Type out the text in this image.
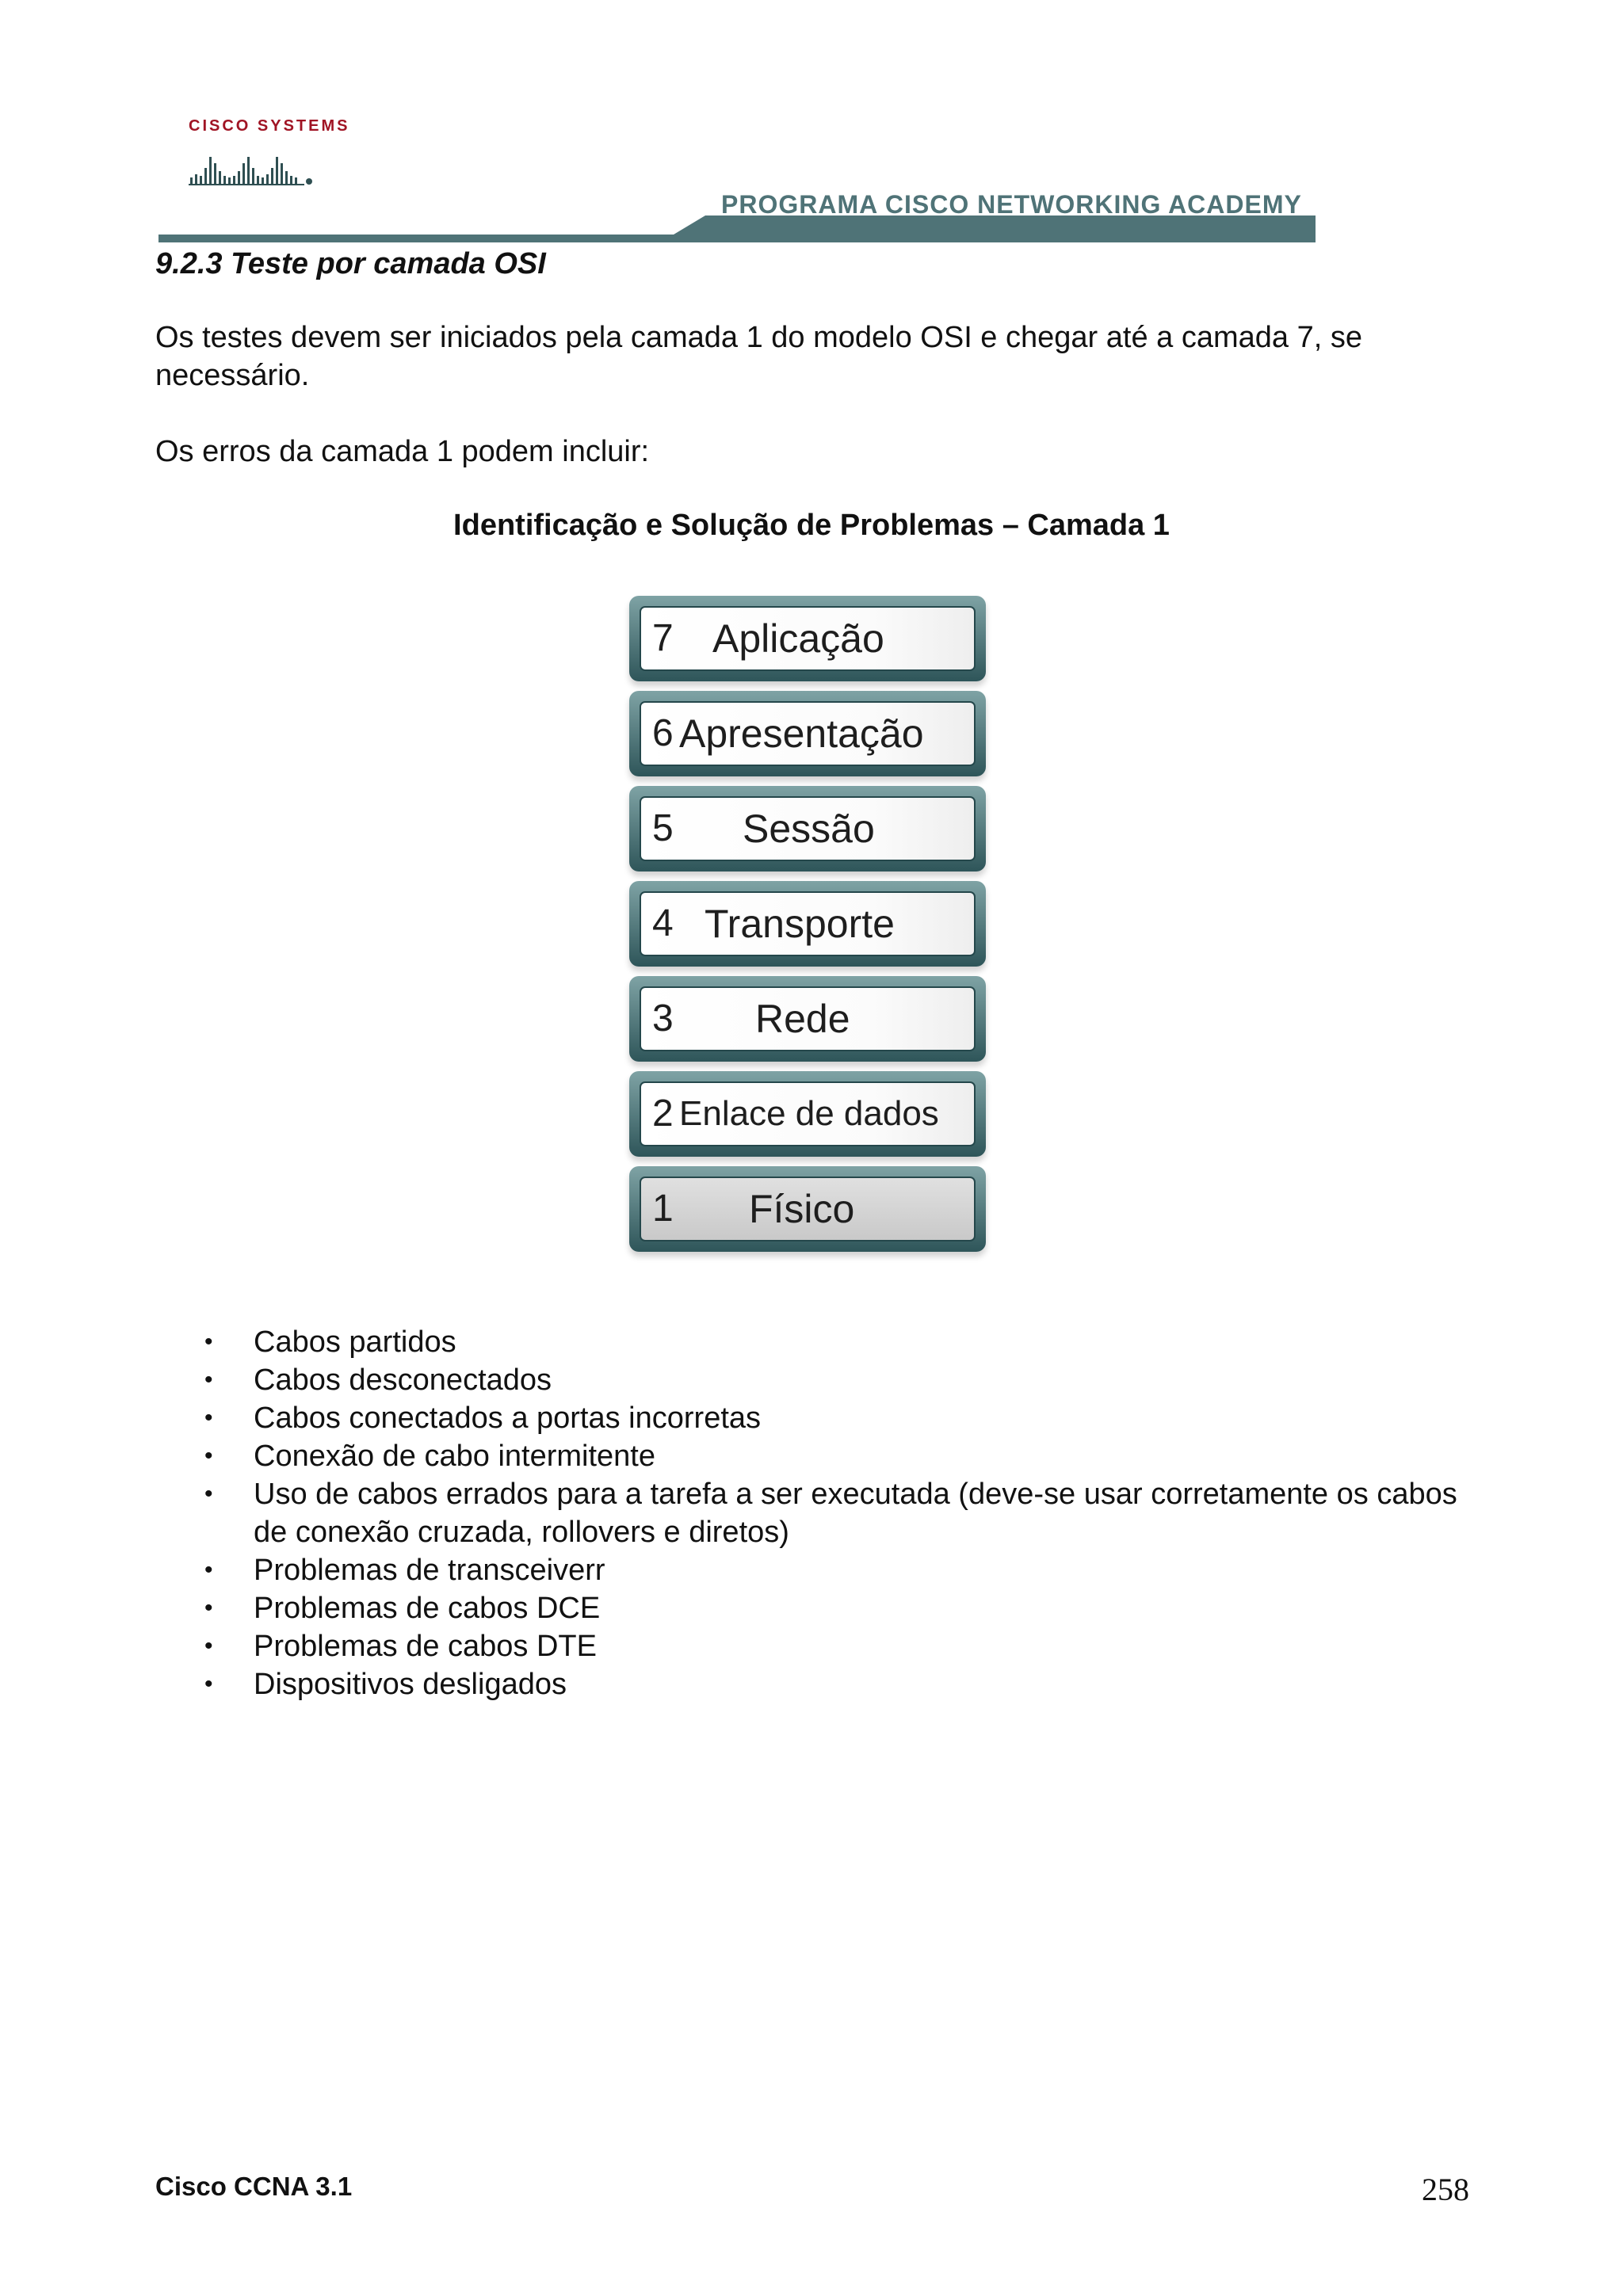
CISCO SYSTEMS
PROGRAMA CISCO NETWORKING ACADEMY
9.2.3 Teste por camada OSI

Os testes devem ser iniciados pela camada 1 do modelo OSI e chegar até a camada 7, se necessário.

Os erros da camada 1 podem incluir:

Identificação e Solução de Problemas – Camada 1

7 Aplicação
6 Apresentação
5 Sessão
4 Transporte
3 Rede
2 Enlace de dados
1 Físico
• Cabos partidos
• Cabos desconectados
• Cabos conectados a portas incorretas
• Conexão de cabo intermitente
• Uso de cabos errados para a tarefa a ser executada (deve-se usar corretamente os cabos de conexão cruzada, rollovers e diretos)
• Problemas de transceiverr
• Problemas de cabos DCE
• Problemas de cabos DTE
• Dispositivos desligados
Cisco CCNA 3.1	258
